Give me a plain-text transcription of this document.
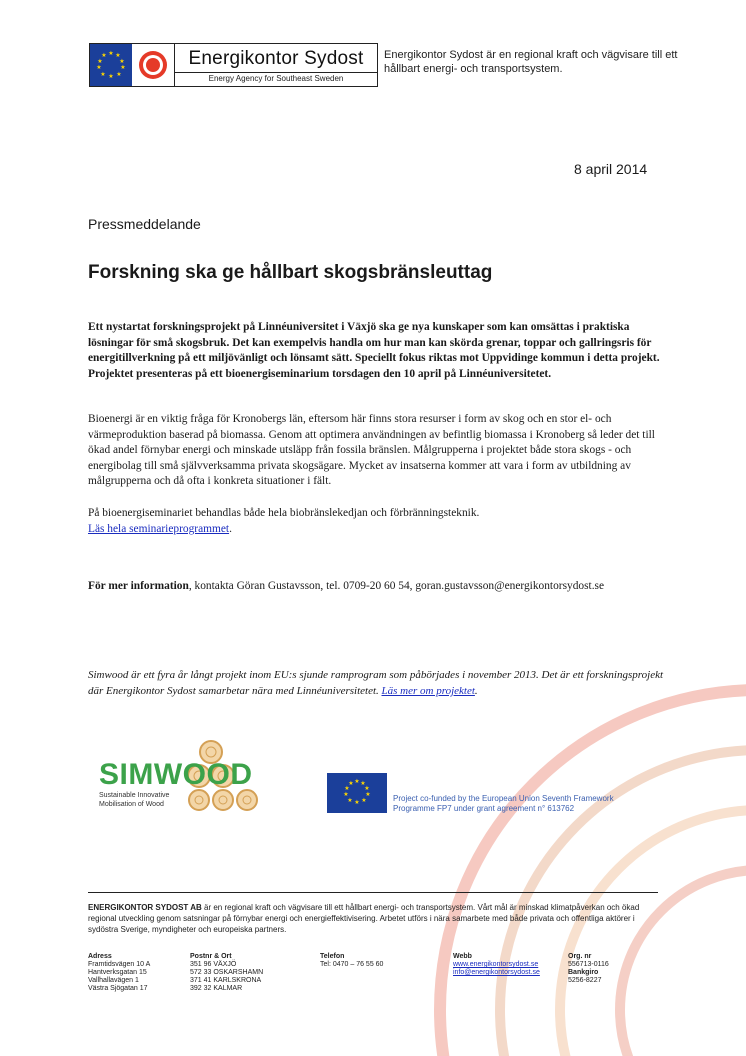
★ ★
★
★
★
★
★
★
★
★	Energikontor Sydost
Energy Agency for Southeast Sweden
Energikontor Sydost är en regional kraft och vägvisare till ett hållbart energi- och transportsystem.
8 april 2014
Pressmeddelande
Forskning ska ge hållbart skogsbränsleuttag
Ett nystartat forskningsprojekt på Linnéuniversitet i Växjö ska ge nya kunskaper som kan omsättas i praktiska lösningar för små skogsbruk. Det kan exempelvis handla om hur man kan skörda grenar, toppar och gallringsris för energitillverkning på ett miljövänligt och lönsamt sätt. Speciellt fokus riktas mot Uppvidinge kommun i detta projekt. Projektet presenteras på ett bioenergiseminarium torsdagen den 10 april på Linnéuniversitetet.
Bioenergi är en viktig fråga för Kronobergs län, eftersom här finns stora resurser i form av skog och en stor el- och värmeproduktion baserad på biomassa. Genom att optimera användningen av befintlig biomassa i Kronoberg så leder det till ökad andel förnybar energi och minskade utsläpp från fossila bränslen. Målgrupperna i projektet både stora skogs - och energibolag till små självverksamma privata skogsägare. Mycket av insatserna kommer att vara i form av utbildning av målgrupperna och då ofta i konkreta situationer i fält.
På bioenergiseminariet behandlas både hela biobränslekedjan och förbränningsteknik.
Läs hela seminarieprogrammet.
För mer information, kontakta Göran Gustavsson, tel. 0709-20 60 54, goran.gustavsson@energikontorsydost.se
Simwood är ett fyra år långt projekt inom EU:s sjunde ramprogram som påbörjades i november 2013. Det är ett forskningsprojekt där Energikontor Sydost samarbetar nära med Linnéuniversitetet. Läs mer om projektet.
SIMWOOD
Sustainable Innovative
Mobilisation of Wood
★ ★
★
★
★
★
★
★
★
★
Project co-funded by the European Union Seventh Framework Programme FP7 under grant agreement n° 613762
ENERGIKONTOR SYDOST AB är en regional kraft och vägvisare till ett hållbart energi- och transportsystem. Vårt mål är minskad klimatpåverkan och ökad regional utveckling genom satsningar på förnybar energi och energieffektivisering. Arbetet utförs i nära samarbete med både privata och offentliga aktörer i sydöstra Sverige, myndigheter och europeiska partners.
Adress
Framtidsvägen 10 A
Hantverksgatan 15
Vallhallavägen 1
Västra Sjögatan 17
Postnr & Ort
351 96 VÄXJÖ
572 33 OSKARSHAMN
371 41 KARLSKRONA
392 32 KALMAR
Telefon
Tel: 0470 – 76 55 60
Webb
www.energikontorsydost.se
info@energikontorsydost.se
Org. nr
556713-0116
Bankgiro
5256-8227
